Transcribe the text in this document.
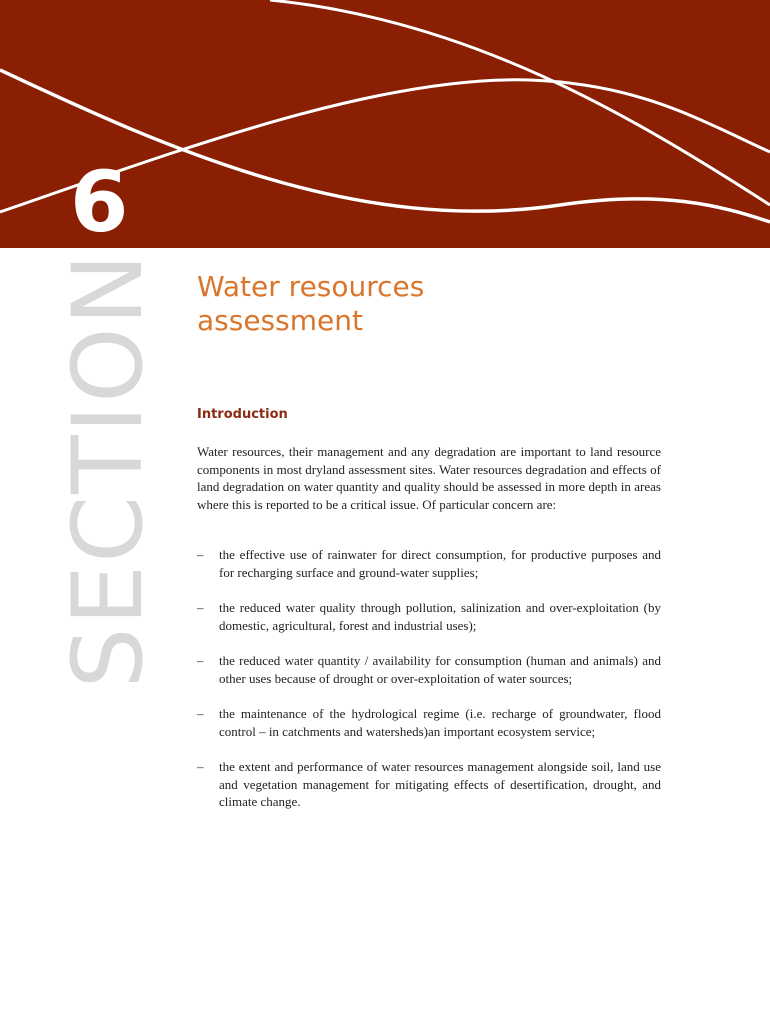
6
SECTION Water resources
assessment
Introduction

Water resources, their management and any degradation are important to land resource components in most dryland assessment sites. Water resources degradation and effects of land degradation on water quantity and quality should be assessed in more depth in areas where this is reported to be a critical issue. Of particular concern are:

– the effective use of rainwater for direct consumption, for productive purposes and for recharging surface and ground-water supplies;
– the reduced water quality through pollution, salinization and over-exploitation (by domestic, agricultural, forest and industrial uses);
– the reduced water quantity / availability for consumption (human and animals) and other uses because of drought or over-exploitation of water sources;
– the maintenance of the hydrological regime (i.e. recharge of groundwater, flood control – in catchments and watersheds)an important ecosystem service;
– the extent and performance of water resources management alongside soil, land use and vegetation management for mitigating effects of desertification, drought, and climate change.
